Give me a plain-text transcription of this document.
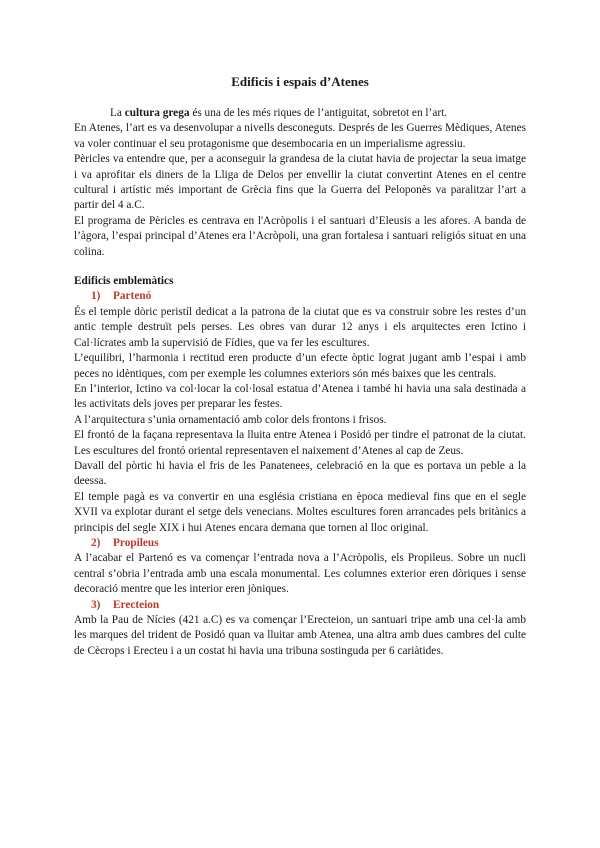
Edificis i espais d’Atenes

La cultura grega és una de les més riques de l’antiguitat, sobretot en l’art.

En Atenes, l’art es va desenvolupar a nivells desconeguts. Després de les Guerres Mèdiques, Atenes va voler continuar el seu protagonisme que desembocaria en un imperialisme agressiu.

Pèricles va entendre que, per a aconseguir la grandesa de la ciutat havia de projectar la seua imatge i va aprofitar els diners de la Lliga de Delos per envellir la ciutat convertint Atenes en el centre cultural i artístic més important de Grècia fins que la Guerra del Peloponès va paralitzar l’art a partir del 4 a.C.

El programa de Pèricles es centrava en l'Acròpolis i el santuari d’Eleusis a les afores. A banda de l’àgora, l’espai principal d’Atenes era l’Acròpoli, una gran fortalesa i santuari religiós situat en una colina.

Edificis emblemàtics

1) Partenó

És el temple dòric peristíl dedicat a la patrona de la ciutat que es va construir sobre les restes d’un antic temple destruït pels perses. Les obres van durar 12 anys i els arquitectes eren Ictino i Cal·lícrates amb la supervisió de Fídies, que va fer les escultures.

L’equilibri, l’harmonia i rectitud eren producte d’un efecte òptic lograt jugant amb l’espai i amb peces no idèntiques, com per exemple les columnes exteriors són més baixes que les centrals.

En l’interior, Ictino va col·locar la col·losal estatua d’Atenea i també hi havia una sala destinada a les activitats dels joves per preparar les festes.

A l’arquitectura s’unia ornamentació amb color dels frontons i frisos.

El frontó de la façana representava la lluita entre Atenea i Posidó per tindre el patronat de la ciutat. Les escultures del frontó oriental representaven el naixement d’Atenes al cap de Zeus.

Davall del pòrtic hi havia el fris de les Panatenees, celebració en la que es portava un peble a la deessa.

El temple pagà es va convertir en una església cristiana en època medieval fins que en el segle XVII va explotar durant el setge dels venecians. Moltes escultures foren arrancades pels britànics a principis del segle XIX i hui Atenes encara demana que tornen al lloc original.

2) Propileus

A l’acabar el Partenó es va començar l’entrada nova a l’Acròpolis, els Propileus. Sobre un nucli central s’obria l’entrada amb una escala monumental. Les columnes exterior eren dòriques i sense decoració mentre que les interior eren jòniques.

3) Erecteion

Amb la Pau de Nícies (421 a.C) es va començar l’Erecteion, un santuari tripe amb una cel·la amb les marques del trident de Posidó quan va lluitar amb Atenea, una altra amb dues cambres del culte de Cècrops i Erecteu i a un costat hi havia una tribuna sostinguda per 6 cariàtides.
